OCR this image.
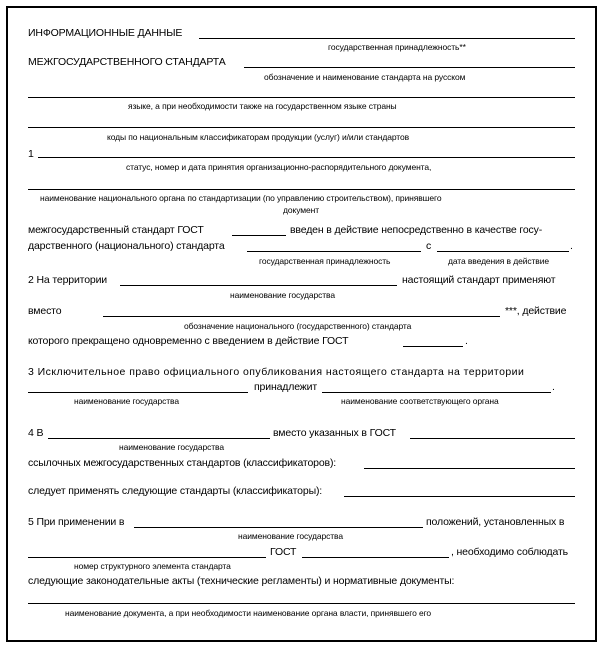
ИНФОРМАЦИОННЫЕ ДАННЫЕ
государственная принадлежность**
МЕЖГОСУДАРСТВЕННОГО СТАНДАРТА
обозначение и наименование стандарта на русском
языке, а при необходимости также на государственном языке страны
коды по национальным классификаторам продукции (услуг) и/или стандартов
1
статус, номер и дата принятия организационно-распорядительного документа,
наименование национального органа по стандартизации (по управлению строительством), принявшего
документ
межгосударственный стандарт ГОСТ	введен в действие непосредственно в качестве госу-
дарственного (национального) стандарта	с	.
государственная принадлежность	дата введения в действие
2 На территории	настоящий стандарт применяют
наименование государства
вместо	***, действие
обозначение национального (государственного) стандарта
которого прекращено одновременно с введением в действие ГОСТ	.
3 Исключительное право официального опубликования настоящего стандарта на территории
принадлежит	.
наименование государства	наименование соответствующего органа
4 В	вместо указанных в ГОСТ
наименование государства
ссылочных межгосударственных стандартов (классификаторов):
следует применять следующие стандарты (классификаторы):
5 При применении в	положений, установленных в
наименование государства
ГОСТ	, необходимо соблюдать
номер структурного элемента стандарта
следующие законодательные акты (технические регламенты) и нормативные документы:
наименование документа, а при необходимости наименование органа власти, принявшего его
